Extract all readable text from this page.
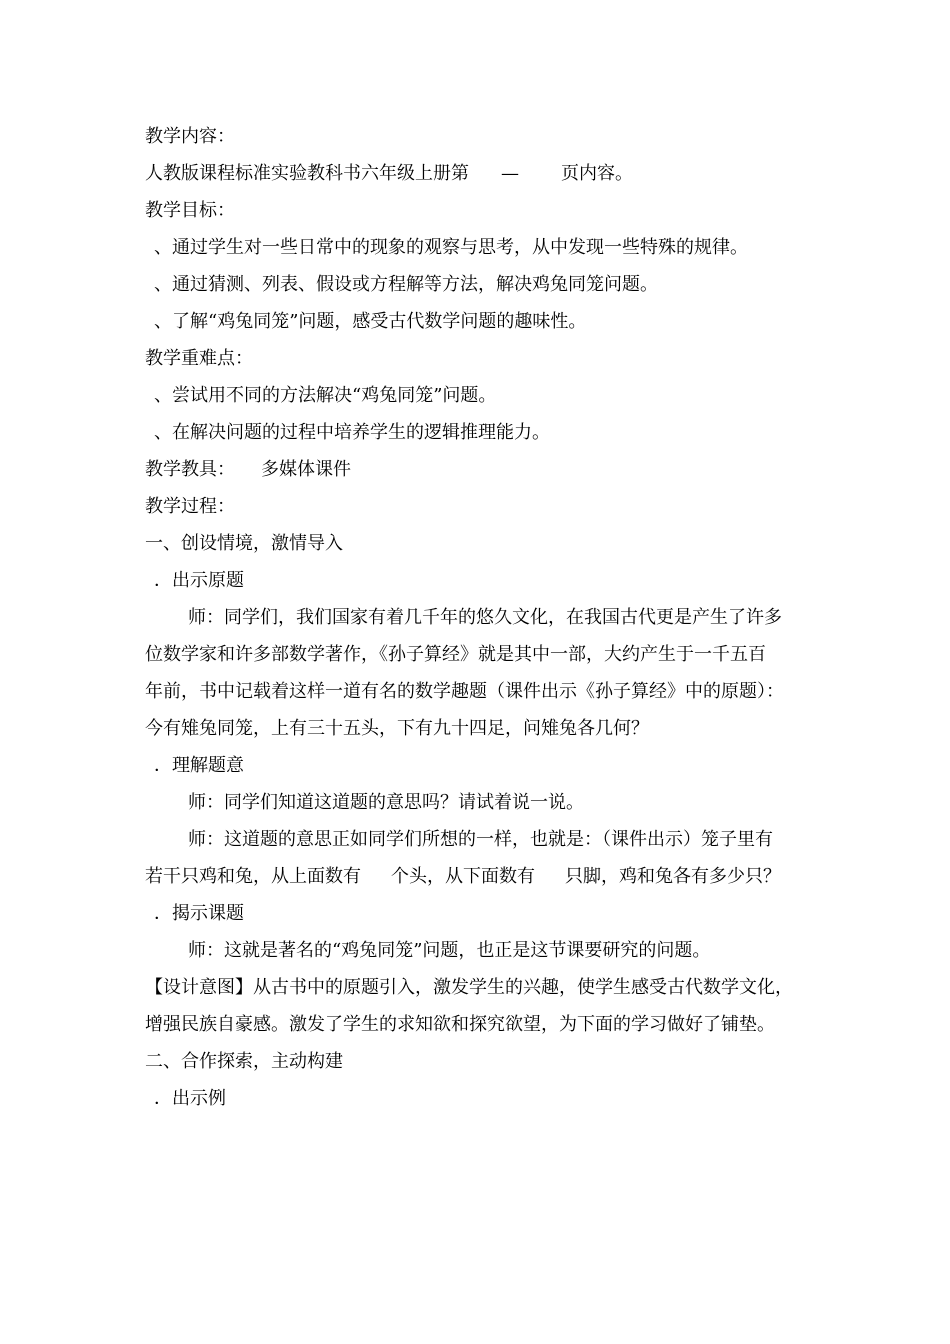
教学内容：
人教版课程标准实验教科书六年级上册第 — 页内容。
教学目标：
、通过学生对一些日常中的现象的观察与思考，从中发现一些特殊的规律。
、通过猜测、列表、假设或方程解等方法，解决鸡兔同笼问题。
、了解“鸡兔同笼”问题，感受古代数学问题的趣味性。
教学重难点：
、尝试用不同的方法解决“鸡兔同笼”问题。
、在解决问题的过程中培养学生的逻辑推理能力。
教学教具： 多媒体课件
教学过程：
一、创设情境，激情导入
．出示原题
师：同学们，我们国家有着几千年的悠久文化，在我国古代更是产生了许多
位数学家和许多部数学著作，《孙子算经》就是其中一部，大约产生于一千五百
年前，书中记载着这样一道有名的数学趣题（课件出示《孙子算经》中的原题）：
今有雉兔同笼，上有三十五头，下有九十四足，问雉兔各几何？
．理解题意
师：同学们知道这道题的意思吗？请试着说一说。
师：这道题的意思正如同学们所想的一样，也就是：（课件出示）笼子里有
若干只鸡和兔，从上面数有 个头，从下面数有 只脚，鸡和兔各有多少只？
．揭示课题
师：这就是著名的“鸡兔同笼”问题，也正是这节课要研究的问题。
【设计意图】从古书中的原题引入，激发学生的兴趣，使学生感受古代数学文化，
增强民族自豪感。激发了学生的求知欲和探究欲望，为下面的学习做好了铺垫。
二、合作探索，主动构建
．出示例
